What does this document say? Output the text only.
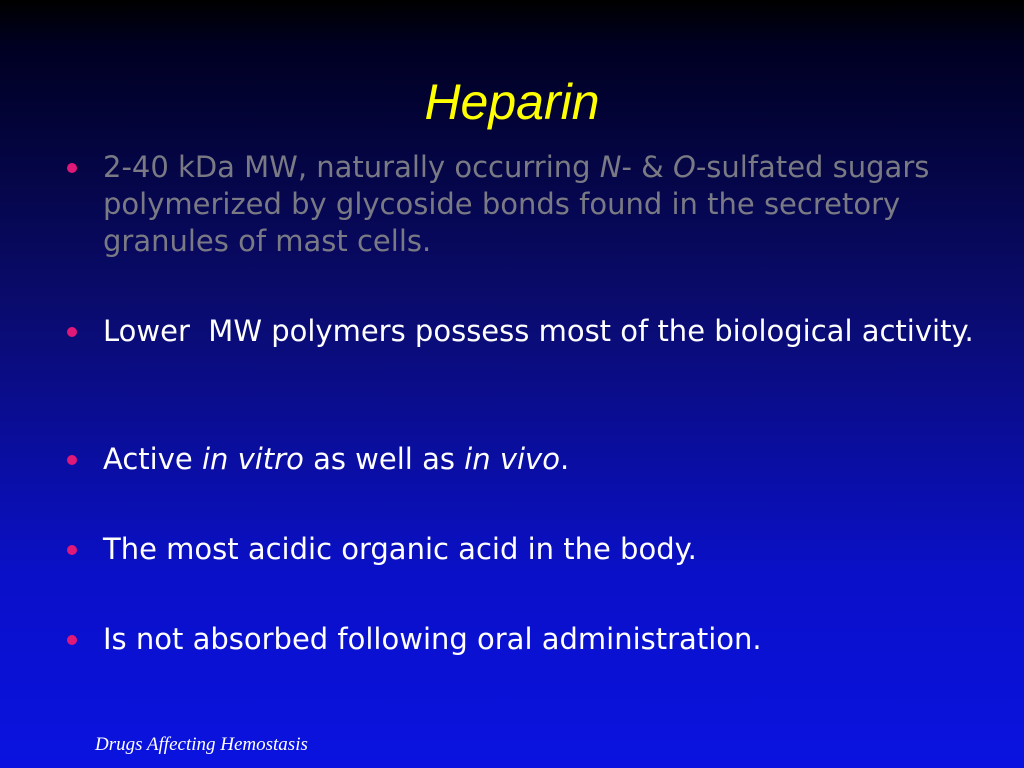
Heparin
2-40 kDa MW, naturally occurring N- & O-sulfated sugars polymerized by glycoside bonds found in the secretory granules of mast cells.
Lower  MW polymers possess most of the biological activity.
Active in vitro as well as in vivo.
The most acidic organic acid in the body.
Is not absorbed following oral administration.
Drugs Affecting Hemostasis
